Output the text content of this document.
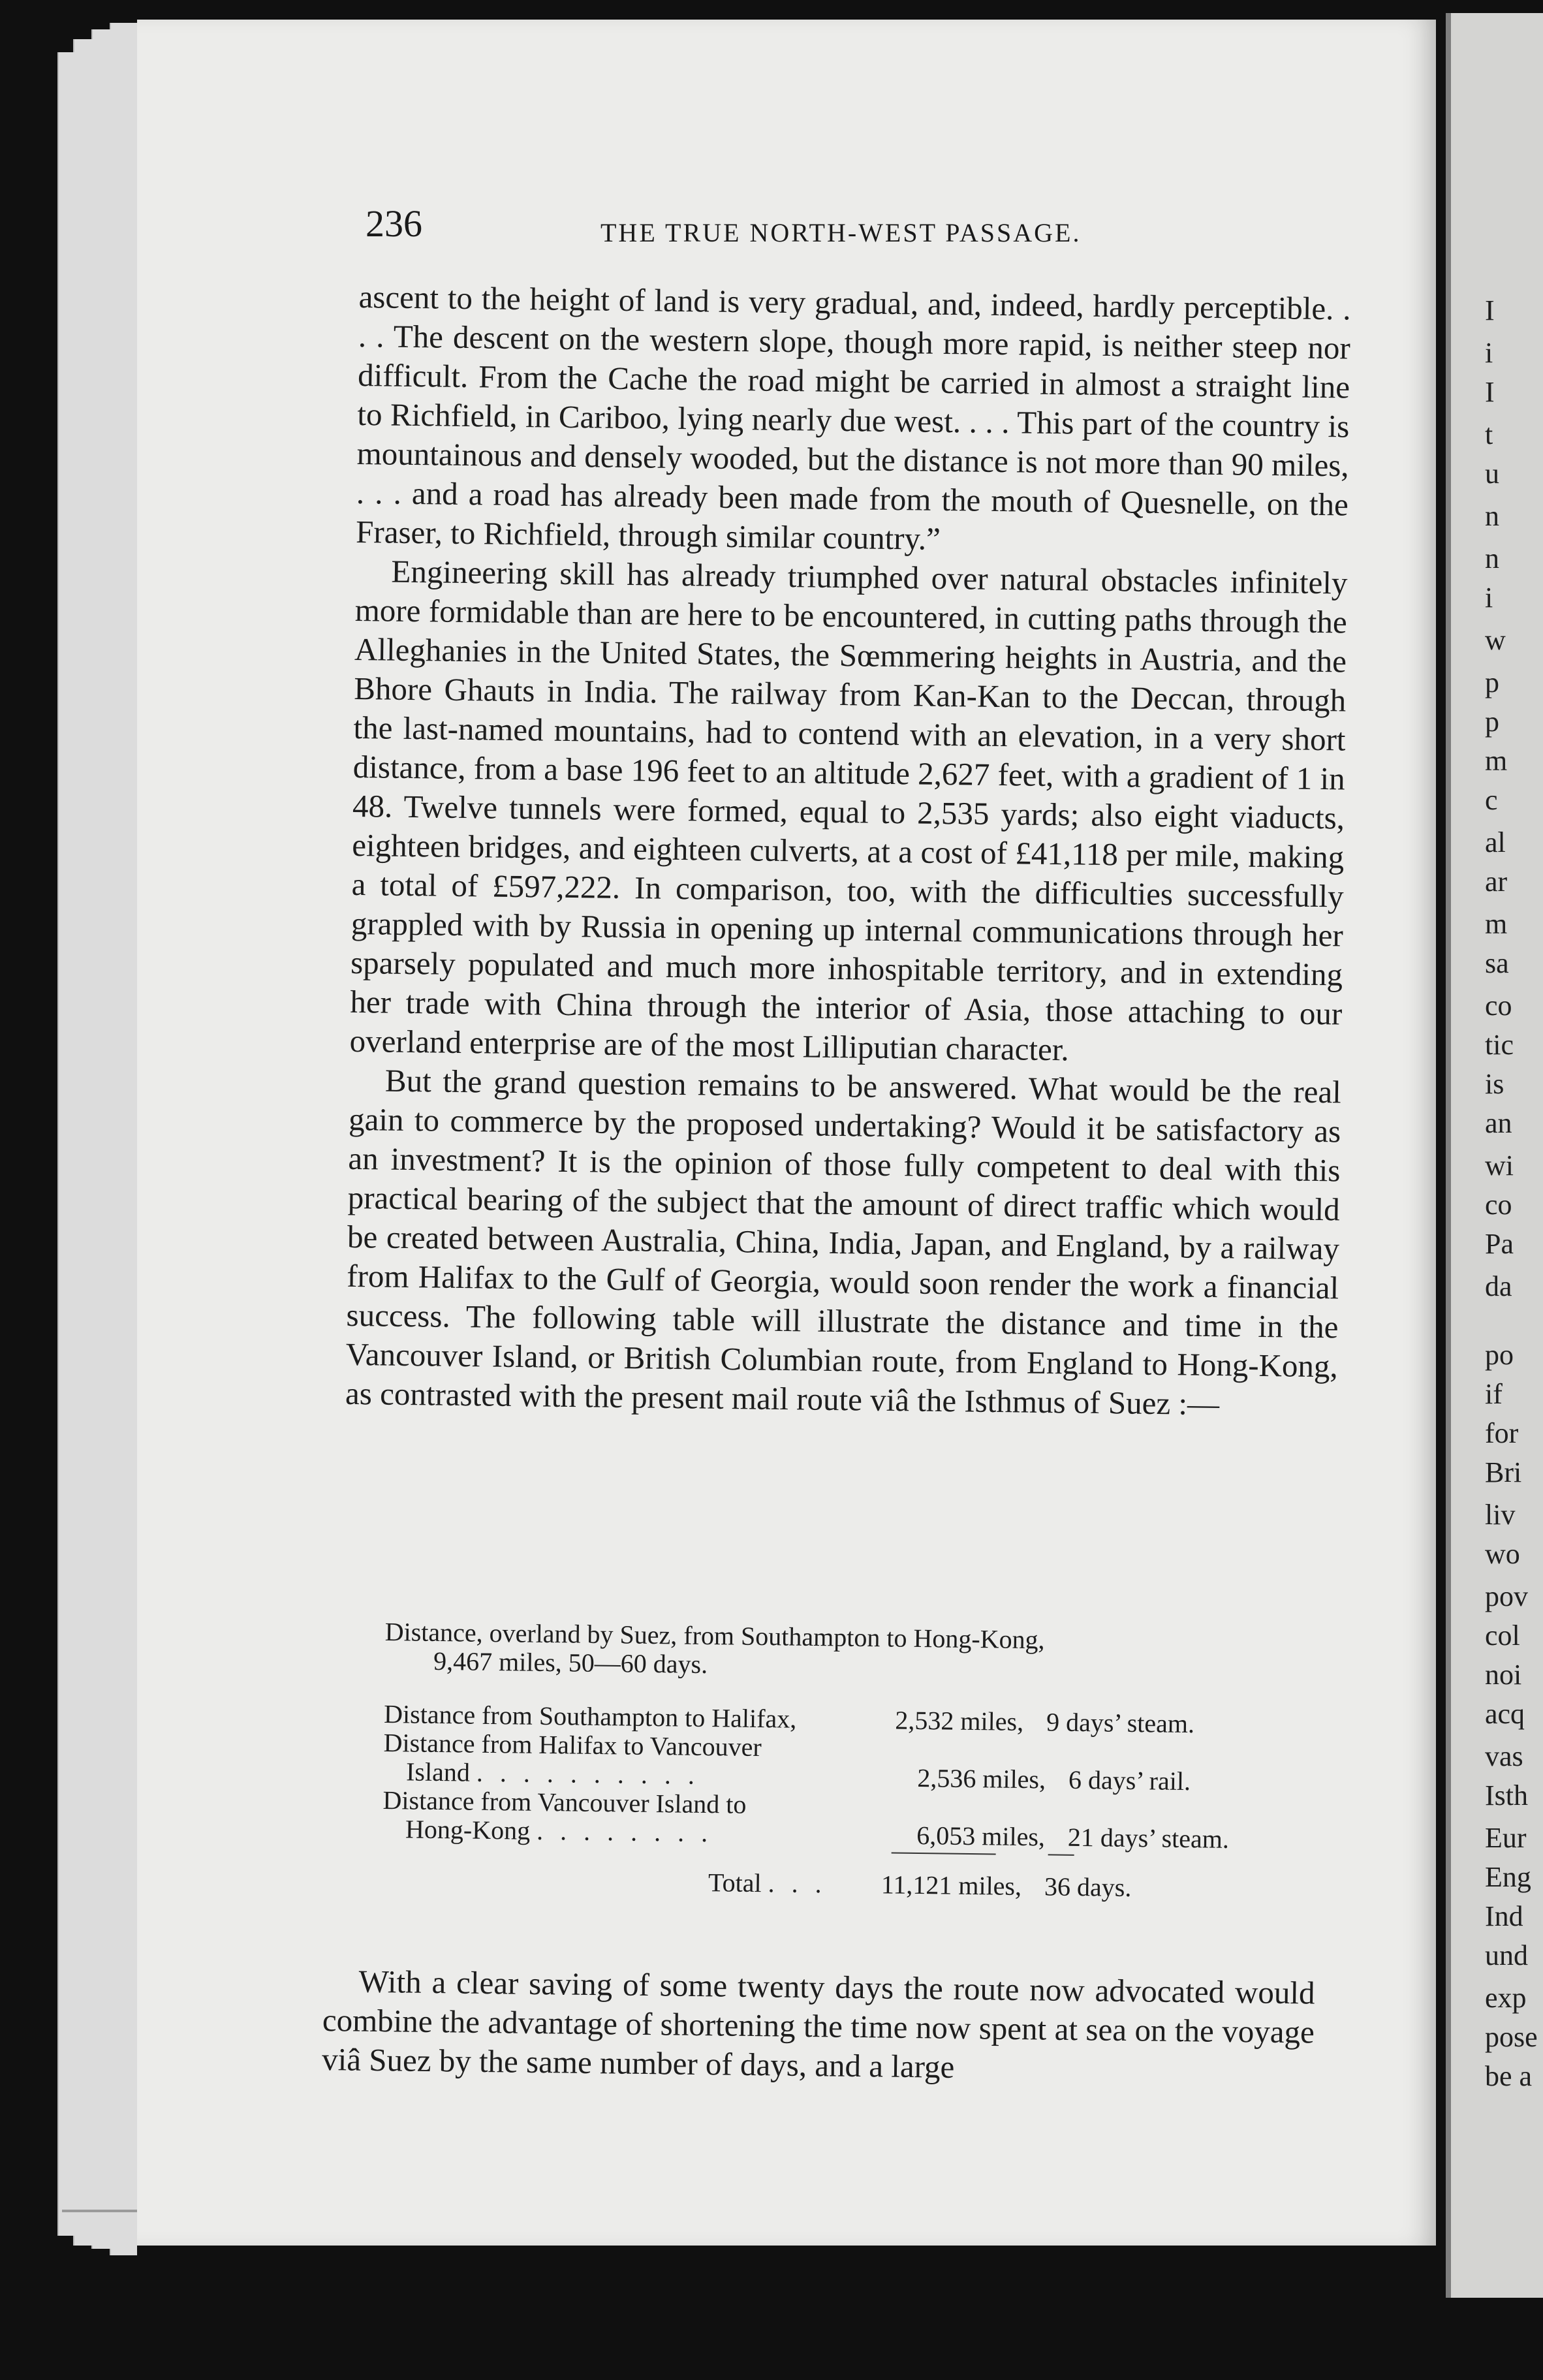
I
i
I
t
u
n
n
i
w
p
p
m
c
al
ar
m
sa
co
tic
is
an
wi
co
Pa
da
po
if
for
Bri
liv
wo
pov
col
noi
acq
vas
Isth
Eur
Eng
Ind
und
exp
pose
be a
236	THE TRUE NORTH-WEST PASSAGE.

ascent to the height of land is very gradual, and, indeed, hardly perceptible. . . . The descent on the western slope, though more rapid, is neither steep nor difficult. From the Cache the road might be carried in almost a straight line to Richfield, in Cariboo, lying nearly due west. . . . This part of the country is mountainous and densely wooded, but the distance is not more than 90 miles, . . . and a road has already been made from the mouth of Quesnelle, on the Fraser, to Richfield, through similar country.”

Engineering skill has already triumphed over natural obstacles infinitely more formidable than are here to be encountered, in cutting paths through the Alleghanies in the United States, the Sœmmering heights in Austria, and the Bhore Ghauts in India. The railway from Kan-Kan to the Deccan, through the last-named mountains, had to contend with an elevation, in a very short distance, from a base 196 feet to an altitude 2,627 feet, with a gradient of 1 in 48. Twelve tunnels were formed, equal to 2,535 yards; also eight viaducts, eighteen bridges, and eighteen culverts, at a cost of £41,118 per mile, making a total of £597,222. In comparison, too, with the difficulties successfully grappled with by Russia in opening up internal communications through her sparsely populated and much more inhospitable territory, and in extending her trade with China through the interior of Asia, those attaching to our overland enterprise are of the most Lilliputian character.

But the grand question remains to be answered. What would be the real gain to commerce by the proposed undertaking? Would it be satisfactory as an investment? It is the opinion of those fully competent to deal with this practical bearing of the subject that the amount of direct traffic which would be created between Australia, China, India, Japan, and England, by a railway from Halifax to the Gulf of Georgia, would soon render the work a financial success. The following table will illustrate the distance and time in the Vancouver Island, or British Columbian route, from England to Hong-Kong, as contrasted with the present mail route viâ the Isthmus of Suez :—

Distance, overland by Suez, from Southampton to Hong-Kong,
9,467 miles, 50—60 days.
Distance from Southampton to Halifax,	2,532 miles, 9 days’ steam.
Distance from Halifax to Vancouver
Island . . . . . . . . . .	2,536 miles, 6 days’ rail.
Distance from Vancouver Island to
Hong-Kong . . . . . . . .	6,053 miles, 21 days’ steam.
Total . . .	11,121 miles, 36 days.

With a clear saving of some twenty days the route now advocated would combine the advantage of shortening the time now spent at sea on the voyage viâ Suez by the same number of days, and a large
